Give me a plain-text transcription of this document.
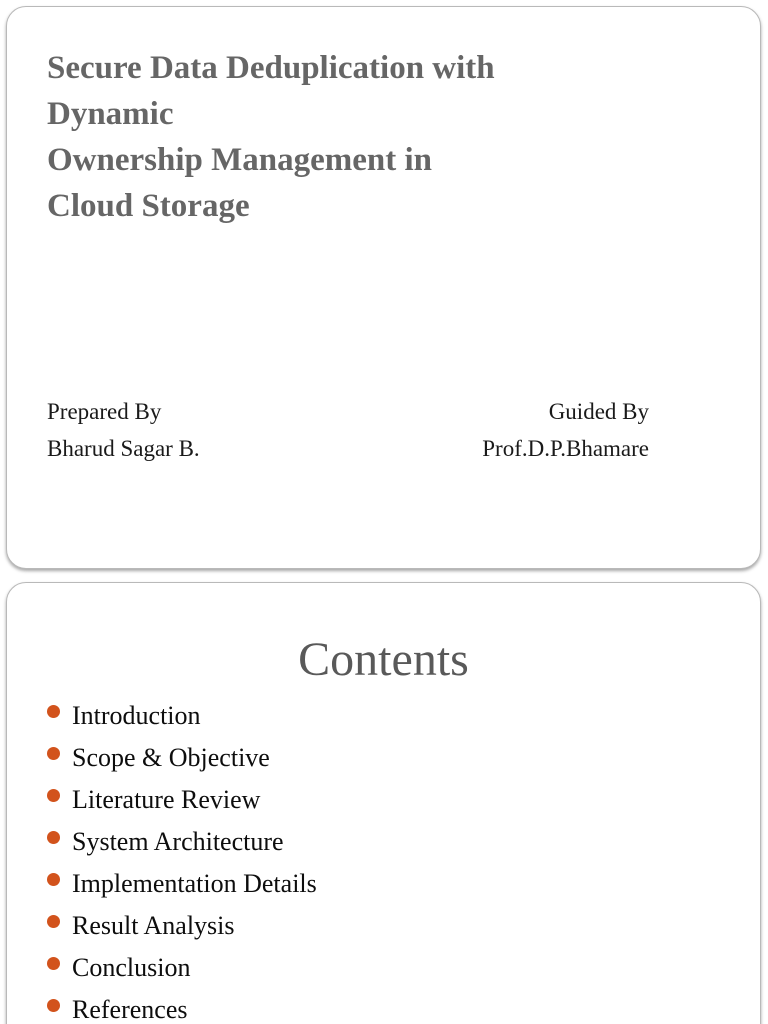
Secure Data Deduplication with
Dynamic
Ownership Management in
Cloud Storage
Prepared By
Bharud Sagar B.
Guided By
Prof.D.P.Bhamare
Contents
Introduction
Scope & Objective
Literature Review
System Architecture
Implementation Details
Result Analysis
Conclusion
References
